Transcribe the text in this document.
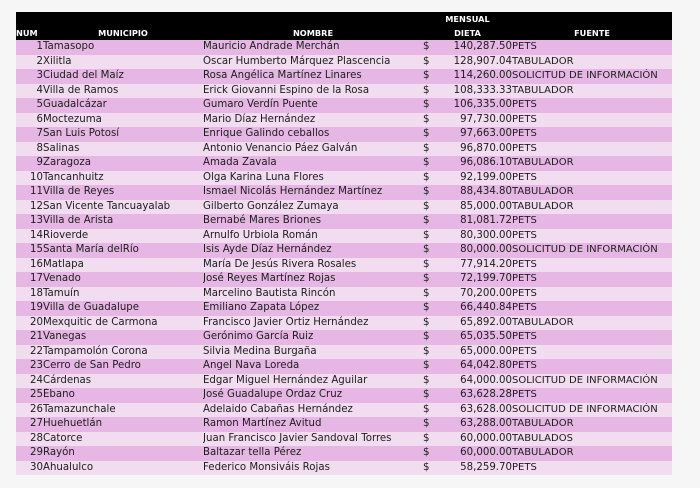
			MENSUAL		
NUM	MUNICIPIO	NOMBRE	DIETA		FUENTE
1	Tamasopo	Mauricio Andrade Merchán	$	140,287.50	PETS
2	Xilitla	Óscar Humberto Márquez Plascencia	$	128,907.04	TABULADOR
3	Ciudad del Maíz	Rosa Angélica Martínez Linares	$	114,260.00	SOLICITUD DE INFORMACIÓN
4	Villa de Ramos	Erick Giovanni Espino de la Rosa	$	108,333.33	TABULADOR
5	Guadalcázar	Gumaro Verdín Puente	$	106,335.00	PETS
6	Moctezuma	Mario Díaz Hernández	$	97,730.00	PETS
7	San Luis Potosí	Enrique Galindo ceballos	$	97,663.00	PETS
8	Salinas	Antonio Venancio Páez Galván	$	96,870.00	PETS
9	Zaragoza	Amada Zavala	$	96,086.10	TABULADOR
10	Tancanhuitz	Olga Karina Luna Flores	$	92,199.00	PETS
11	Villa de Reyes	Ismael Nicolás Hernández Martínez	$	88,434.80	TABULADOR
12	San Vicente Tancuayalab	Gilberto González Zumaya	$	85,000.00	TABULADOR
13	Villa de Arista	Bernabé Mares Briones	$	81,081.72	PETS
14	Rioverde	Arnulfo Urbiola Román	$	80,300.00	PETS
15	Santa María delRío	Isis Ayde Díaz Hernández	$	80,000.00	SOLICITUD DE INFORMACIÓN
16	Matlapa	María De Jesús Rivera Rosales	$	77,914.20	PETS
17	Venado	José Reyes Martínez Rojas	$	72,199.70	PETS
18	Tamuín	Marcelino Bautista Rincón	$	70,200.00	PETS
19	Villa de Guadalupe	Emiliano Zapata López	$	66,440.84	PETS
20	Mexquitic de Carmona	Francisco Javier Ortiz Hernández	$	65,892.00	TABULADOR
21	Vanegas	Gerónimo García Ruiz	$	65,035.50	PETS
22	Tampamolón Corona	Silvia Medina Burgaña	$	65,000.00	PETS
23	Cerro de San Pedro	Angel Nava Loreda	$	64,042.80	PETS
24	Cárdenas	Edgar Miguel Hernández Aguilar	$	64,000.00	SOLICITUD DE INFORMACIÓN
25	Ébano	José Guadalupe Ordaz Cruz	$	63,628.28	PETS
26	Tamazunchale	Adelaido Cabañas Hernández	$	63,628.00	SOLICITUD DE INFORMACIÓN
27	Huehuetlán	Ramon Martínez Avitud	$	63,288.00	TABULADOR
28	Catorce	Juan Francisco Javier Sandoval Torres	$	60,000.00	TABULADOS
29	Rayón	Baltazar tella Pérez	$	60,000.00	TABULADOR
30	Ahualulco	Federico Monsiváis Rojas	$	58,259.70	PETS
